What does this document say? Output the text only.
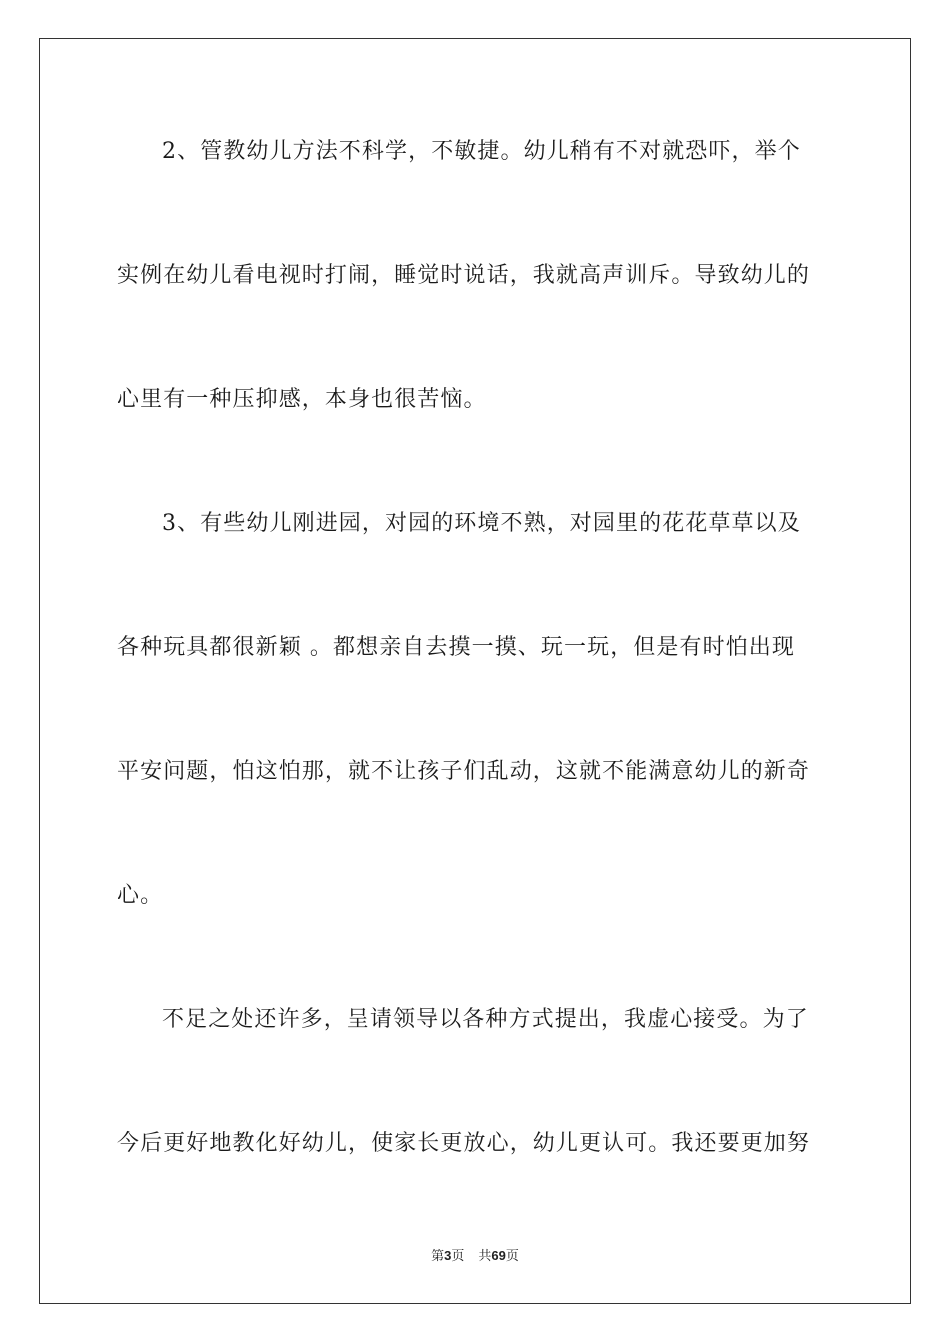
2、管教幼儿方法不科学，不敏捷。幼儿稍有不对就恐吓，举个
实例在幼儿看电视时打闹，睡觉时说话，我就高声训斥。导致幼儿的
心里有一种压抑感，本身也很苦恼。
3、有些幼儿刚进园，对园的环境不熟，对园里的花花草草以及
各种玩具都很新颖 。都想亲自去摸一摸、玩一玩，但是有时怕出现
平安问题，怕这怕那，就不让孩子们乱动，这就不能满意幼儿的新奇
心。
不足之处还许多，呈请领导以各种方式提出，我虚心接受。为了
今后更好地教化好幼儿，使家长更放心，幼儿更认可。我还要更加努
第3页 共69页
